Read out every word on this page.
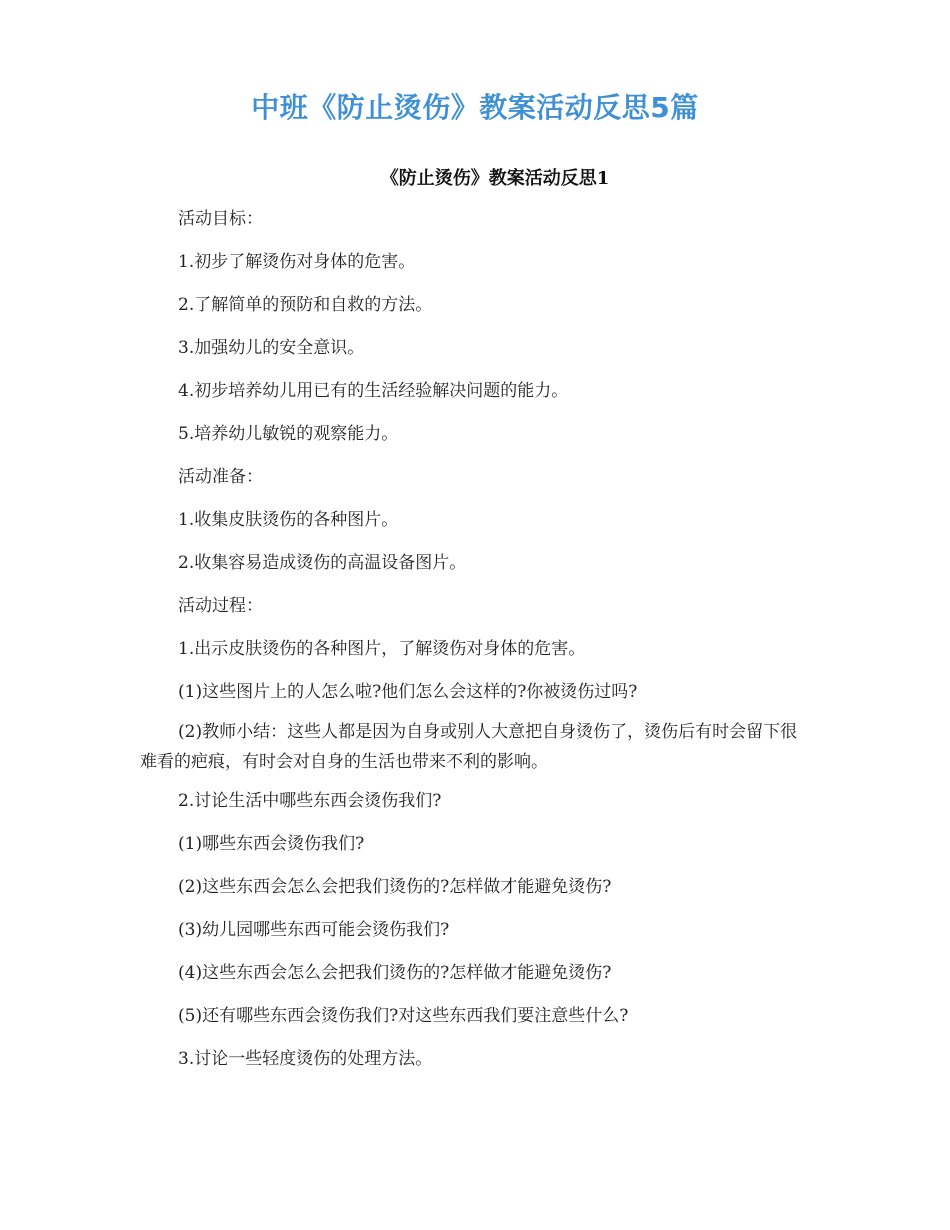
中班《防止烫伤》教案活动反思5篇
《防止烫伤》教案活动反思1
活动目标：
1.初步了解烫伤对身体的危害。
2.了解简单的预防和自救的方法。
3.加强幼儿的安全意识。
4.初步培养幼儿用已有的生活经验解决问题的能力。
5.培养幼儿敏锐的观察能力。
活动准备：
1.收集皮肤烫伤的各种图片。
2.收集容易造成烫伤的高温设备图片。
活动过程：
1.出示皮肤烫伤的各种图片，了解烫伤对身体的危害。
(1)这些图片上的人怎么啦?他们怎么会这样的?你被烫伤过吗?
(2)教师小结：这些人都是因为自身或别人大意把自身烫伤了，烫伤后有时会留下很难看的疤痕，有时会对自身的生活也带来不利的影响。
2.讨论生活中哪些东西会烫伤我们?
(1)哪些东西会烫伤我们?
(2)这些东西会怎么会把我们烫伤的?怎样做才能避免烫伤?
(3)幼儿园哪些东西可能会烫伤我们?
(4)这些东西会怎么会把我们烫伤的?怎样做才能避免烫伤?
(5)还有哪些东西会烫伤我们?对这些东西我们要注意些什么?
3.讨论一些轻度烫伤的处理方法。
